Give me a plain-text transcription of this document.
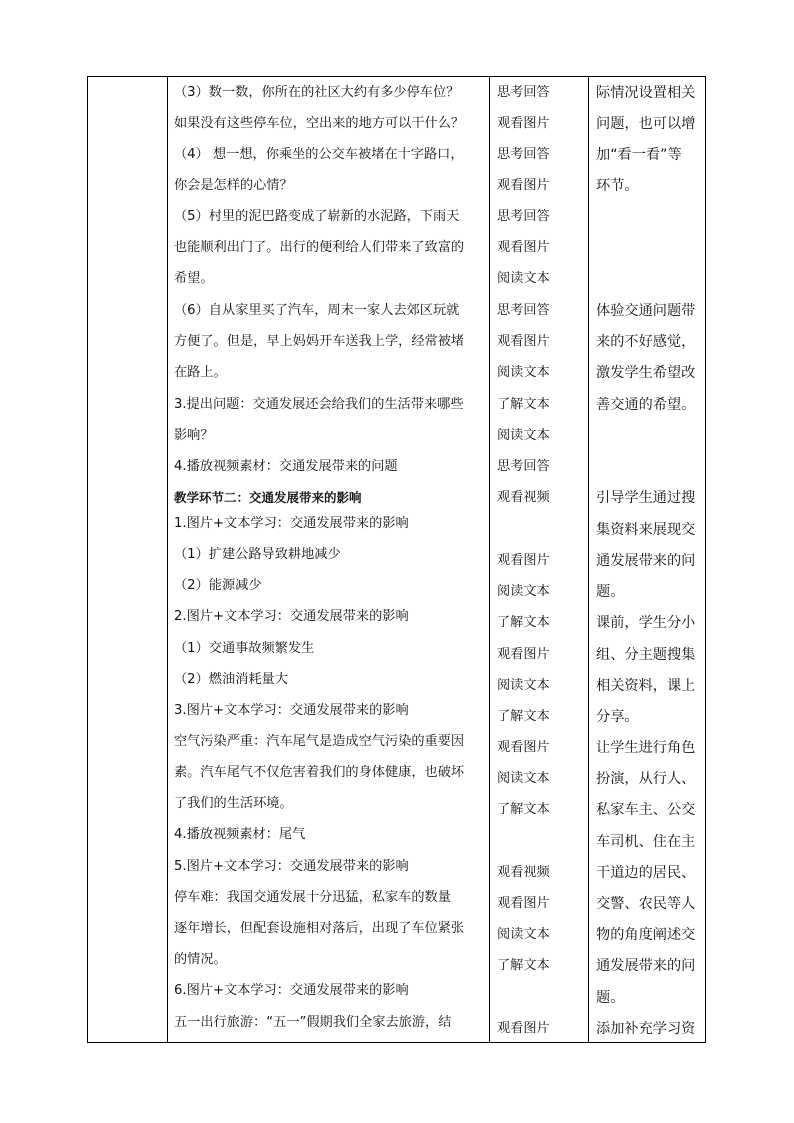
（3）数一数，你所在的社区大约有多少停车位？
如果没有这些停车位，空出来的地方可以干什么？
（4） 想一想，你乘坐的公交车被堵在十字路口，
你会是怎样的心情？
（5）村里的泥巴路变成了崭新的水泥路，下雨天
也能顺利出门了。出行的便利给人们带来了致富的
希望。
（6）自从家里买了汽车，周末一家人去郊区玩就
方便了。但是，早上妈妈开车送我上学，经常被堵
在路上。
3.提出问题：交通发展还会给我们的生活带来哪些
影响？
4.播放视频素材：交通发展带来的问题
教学环节二：交通发展带来的影响
1.图片+文本学习：交通发展带来的影响
（1）扩建公路导致耕地减少
（2）能源减少
2.图片+文本学习：交通发展带来的影响
（1）交通事故频繁发生
（2）燃油消耗量大
3.图片+文本学习：交通发展带来的影响
空气污染严重：汽车尾气是造成空气污染的重要因
素。汽车尾气不仅危害着我们的身体健康，也破坏
了我们的生活环境。
4.播放视频素材：尾气
5.图片+文本学习：交通发展带来的影响
停车难：我国交通发展十分迅猛，私家车的数量
逐年增长，但配套设施相对落后，出现了车位紧张
的情况。
6.图片+文本学习：交通发展带来的影响
五一出行旅游：“五一”假期我们全家去旅游，结
思考回答
观看图片
思考回答
观看图片
思考回答
观看图片
阅读文本
思考回答
观看图片
阅读文本
了解文本
阅读文本
思考回答
观看视频
观看图片
阅读文本
了解文本
观看图片
阅读文本
了解文本
观看图片
阅读文本
了解文本
观看视频
观看图片
阅读文本
了解文本
观看图片
际情况设置相关
问题，也可以增
加“看一看”等
环节。
体验交通问题带
来的不好感觉，
激发学生希望改
善交通的希望。
引导学生通过搜
集资料来展现交
通发展带来的问
题。
课前，学生分小
组、分主题搜集
相关资料，课上
分享。
让学生进行角色
扮演，从行人、
私家车主、公交
车司机、住在主
干道边的居民、
交警、农民等人
物的角度阐述交
通发展带来的问
题。
添加补充学习资
